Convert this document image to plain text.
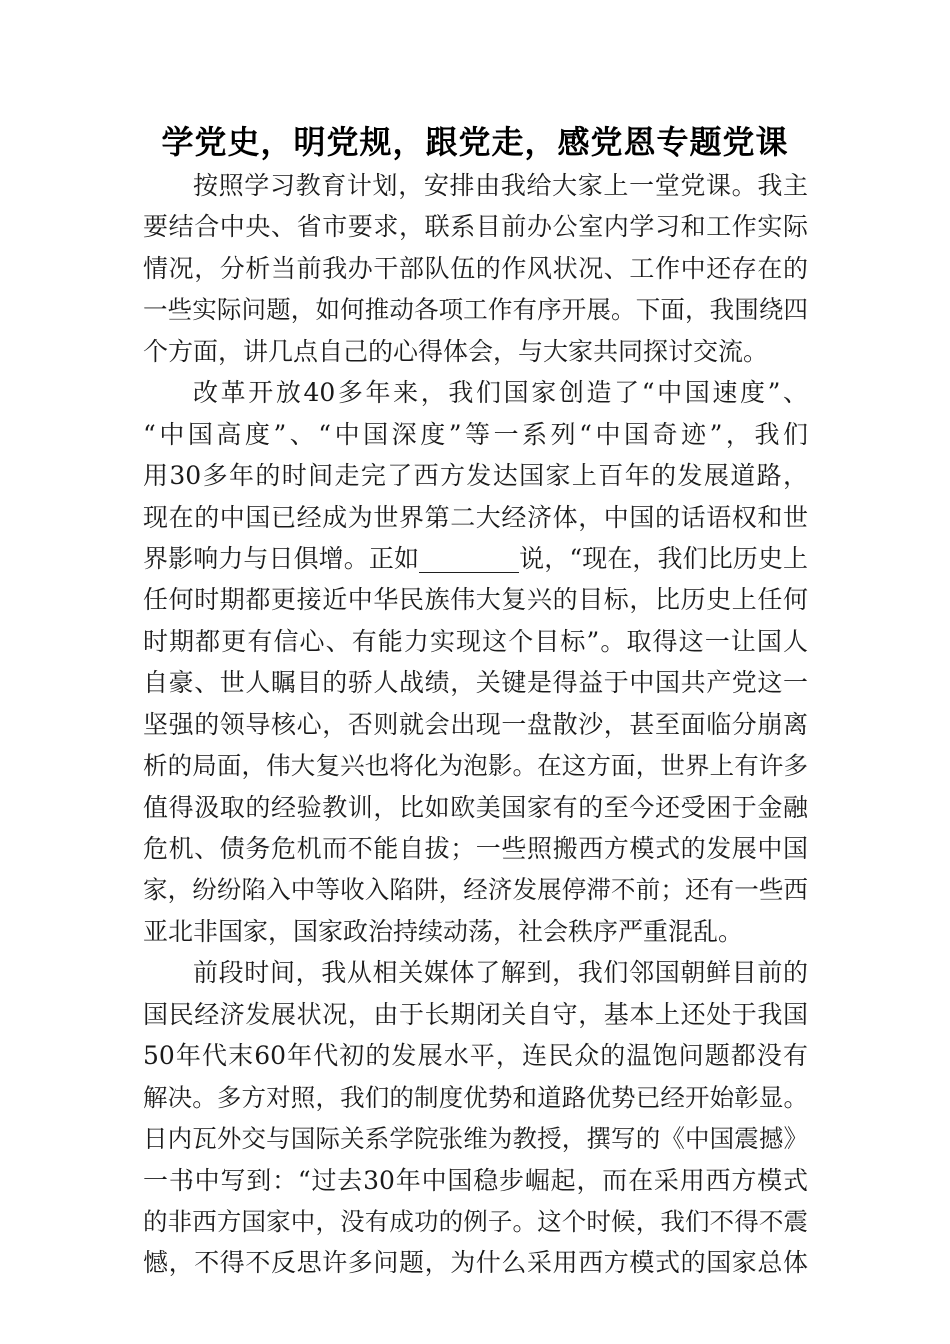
学党史，明党规，跟党走，感党恩专题党课
按照学习教育计划，安排由我给大家上一堂党课。我主
要结合中央、省市要求，联系目前办公室内学习和工作实际
情况，分析当前我办干部队伍的作风状况、工作中还存在的
一些实际问题，如何推动各项工作有序开展。下面，我围绕四
个方面，讲几点自己的心得体会，与大家共同探讨交流。
改革开放40多年来，我们国家创造了“中国速度”、
“中国高度”、“中国深度”等一系列“中国奇迹”，我们
用30多年的时间走完了西方发达国家上百年的发展道路，
现在的中国已经成为世界第二大经济体，中国的话语权和世
界影响力与日俱增。正如________说，“现在，我们比历史上
任何时期都更接近中华民族伟大复兴的目标，比历史上任何
时期都更有信心、有能力实现这个目标”。取得这一让国人
自豪、世人瞩目的骄人战绩，关键是得益于中国共产党这一
坚强的领导核心，否则就会出现一盘散沙，甚至面临分崩离
析的局面，伟大复兴也将化为泡影。在这方面，世界上有许多
值得汲取的经验教训，比如欧美国家有的至今还受困于金融
危机、债务危机而不能自拔；一些照搬西方模式的发展中国
家，纷纷陷入中等收入陷阱，经济发展停滞不前；还有一些西
亚北非国家，国家政治持续动荡，社会秩序严重混乱。
前段时间，我从相关媒体了解到，我们邻国朝鲜目前的
国民经济发展状况，由于长期闭关自守，基本上还处于我国
50年代末60年代初的发展水平，连民众的温饱问题都没有
解决。多方对照，我们的制度优势和道路优势已经开始彰显。
日内瓦外交与国际关系学院张维为教授，撰写的《中国震撼》
一书中写到：“过去30年中国稳步崛起，而在采用西方模式
的非西方国家中，没有成功的例子。这个时候，我们不得不震
憾，不得不反思许多问题，为什么采用西方模式的国家总体
